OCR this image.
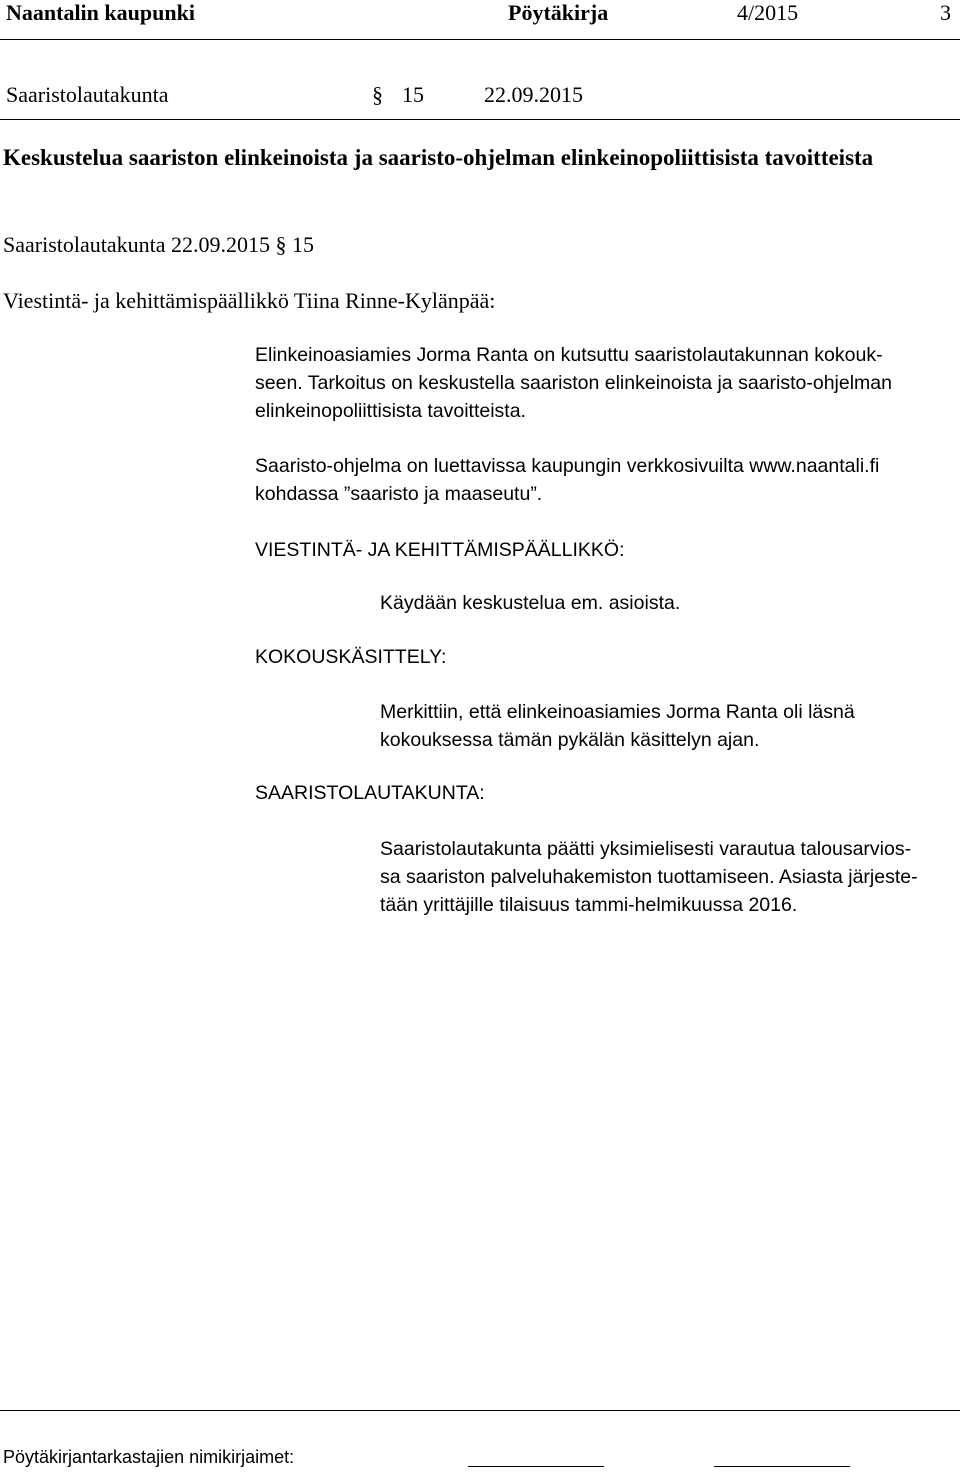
Naantalin kaupunki	Pöytäkirja	4/2015	3
Saaristolautakunta	§ 15	22.09.2015
Keskustelua saariston elinkeinoista ja saaristo-ohjelman elinkeinopoliittisista tavoitteista
Saaristolautakunta 22.09.2015 § 15
Viestintä- ja kehittämispäällikkö Tiina Rinne-Kylänpää:
Elinkeinoasiamies Jorma Ranta on kutsuttu saaristolautakunnan kokouk-
seen. Tarkoitus on keskustella saariston elinkeinoista ja saaristo-ohjelman
elinkeinopoliittisista tavoitteista.
Saaristo-ohjelma on luettavissa kaupungin verkkosivuilta www.naantali.fi
kohdassa ”saaristo ja maaseutu”.
VIESTINTÄ- JA KEHITTÄMISPÄÄLLIKKÖ:
Käydään keskustelua em. asioista.
KOKOUSKÄSITTELY:
Merkittiin, että elinkeinoasiamies Jorma Ranta oli läsnä
kokouksessa tämän pykälän käsittelyn ajan.
SAARISTOLAUTAKUNTA:
Saaristolautakunta päätti yksimielisesti varautua talousarvios-
sa saariston palveluhakemiston tuottamiseen. Asiasta järjeste-
tään yrittäjille tilaisuus tammi-helmikuussa 2016.
Pöytäkirjantarkastajien nimikirjaimet:
